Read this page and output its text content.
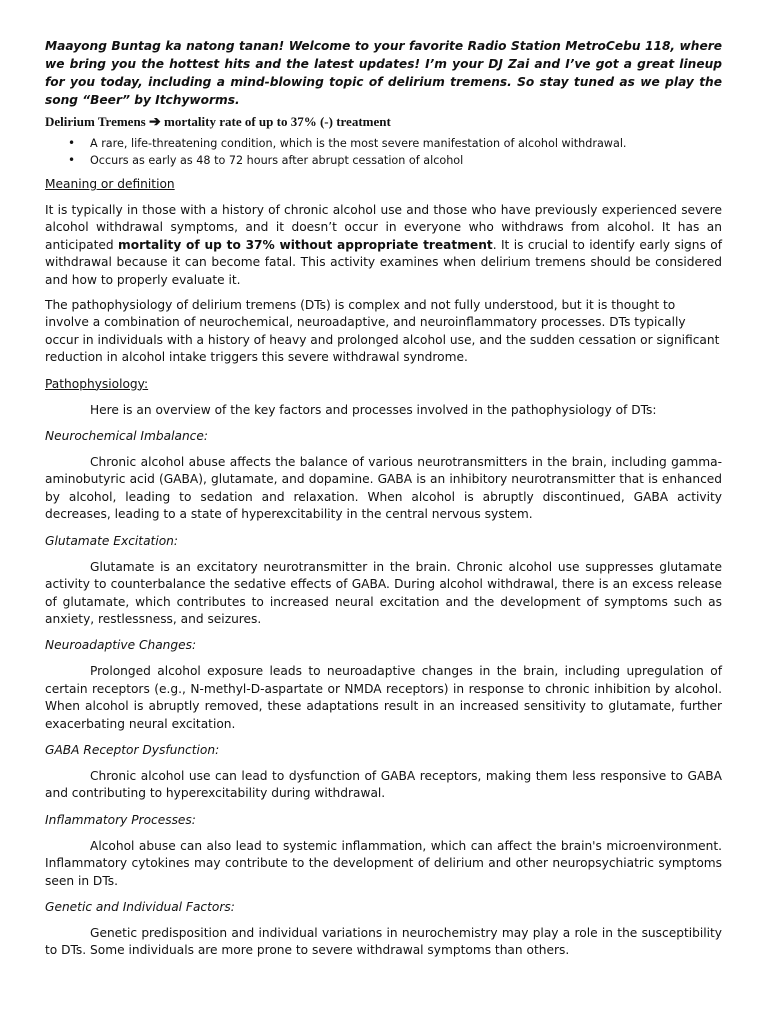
Maayong Buntag ka natong tanan! Welcome to your favorite Radio Station MetroCebu 118, where we bring you the hottest hits and the latest updates! I’m your DJ Zai and I’ve got a great lineup for you today, including a mind-blowing topic of delirium tremens. So stay tuned as we play the song “Beer” by Itchyworms.

Delirium Tremens ➔ mortality rate of up to 37% (-) treatment
• A rare, life-threatening condition, which is the most severe manifestation of alcohol withdrawal.
• Occurs as early as 48 to 72 hours after abrupt cessation of alcohol
Meaning or definition

It is typically in those with a history of chronic alcohol use and those who have previously experienced severe alcohol withdrawal symptoms, and it doesn’t occur in everyone who withdraws from alcohol. It has an anticipated mortality of up to 37% without appropriate treatment. It is crucial to identify early signs of withdrawal because it can become fatal. This activity examines when delirium tremens should be considered and how to properly evaluate it.

The pathophysiology of delirium tremens (DTs) is complex and not fully understood, but it is thought to involve a combination of neurochemical, neuroadaptive, and neuroinflammatory processes. DTs typically occur in individuals with a history of heavy and prolonged alcohol use, and the sudden cessation or significant reduction in alcohol intake triggers this severe withdrawal syndrome.

Pathophysiology:

Here is an overview of the key factors and processes involved in the pathophysiology of DTs:

Neurochemical Imbalance:

Chronic alcohol abuse affects the balance of various neurotransmitters in the brain, including gamma-aminobutyric acid (GABA), glutamate, and dopamine. GABA is an inhibitory neurotransmitter that is enhanced by alcohol, leading to sedation and relaxation. When alcohol is abruptly discontinued, GABA activity decreases, leading to a state of hyperexcitability in the central nervous system.

Glutamate Excitation:

Glutamate is an excitatory neurotransmitter in the brain. Chronic alcohol use suppresses glutamate activity to counterbalance the sedative effects of GABA. During alcohol withdrawal, there is an excess release of glutamate, which contributes to increased neural excitation and the development of symptoms such as anxiety, restlessness, and seizures.

Neuroadaptive Changes:

Prolonged alcohol exposure leads to neuroadaptive changes in the brain, including upregulation of certain receptors (e.g., N-methyl-D-aspartate or NMDA receptors) in response to chronic inhibition by alcohol. When alcohol is abruptly removed, these adaptations result in an increased sensitivity to glutamate, further exacerbating neural excitation.

GABA Receptor Dysfunction:

Chronic alcohol use can lead to dysfunction of GABA receptors, making them less responsive to GABA and contributing to hyperexcitability during withdrawal.

Inflammatory Processes:

Alcohol abuse can also lead to systemic inflammation, which can affect the brain's microenvironment. Inflammatory cytokines may contribute to the development of delirium and other neuropsychiatric symptoms seen in DTs.

Genetic and Individual Factors:

Genetic predisposition and individual variations in neurochemistry may play a role in the susceptibility to DTs. Some individuals are more prone to severe withdrawal symptoms than others.
